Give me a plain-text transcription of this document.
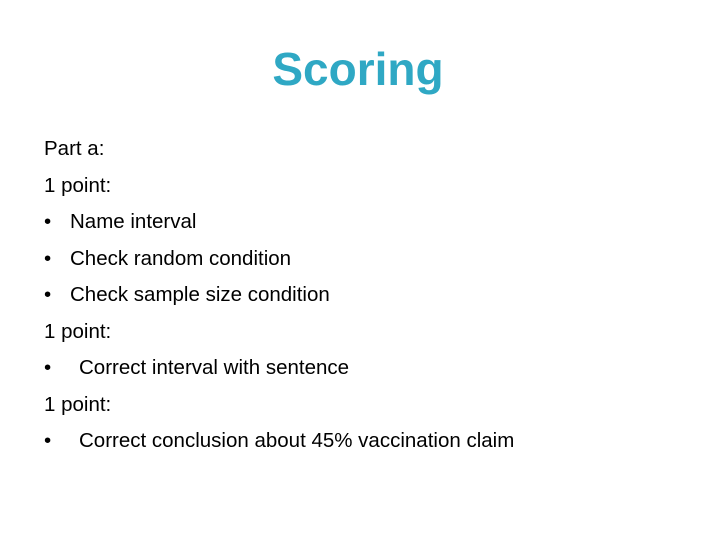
Scoring
Part a:
1 point:
• Name interval
• Check random condition
• Check sample size condition
1 point:
• Correct interval with sentence
1 point:
• Correct conclusion about 45% vaccination claim
